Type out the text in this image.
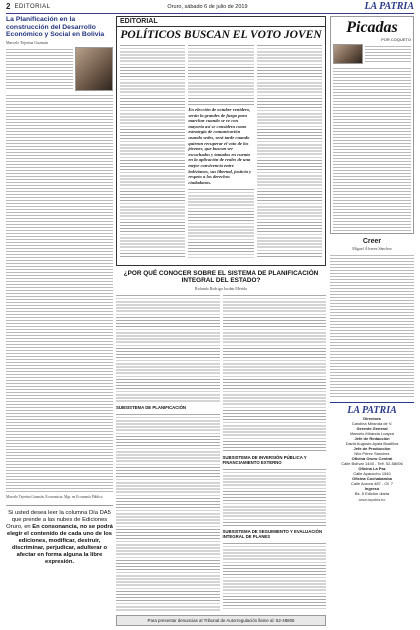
2 EDITORIAL	Oruro, sábado 6 de julio de 2019	LA PATRIA
La Planificación en la construcción del Desarrollo Económico y Social en Bolivia
Marcelo Tejerina Guzmán
Marcelo Tejerina Guzmán, Economista. Mgr. en Economía Pública
Si usted desea leer la columna Día DA5 que prende a las nubes de Ediciones Oruro, en En consonancia, no se podrá elegir el contenido de cada uno de los ediciones, modificar, destruir, discriminar, perjudicar, adulterar o afectar en forma alguna la libre expresión.
EDITORIAL
POLÍTICOS BUSCAN EL VOTO JOVEN
En elección de octubre venidero, serán la grandes de fuego para marchar cuando se ve con mayoría así se considera como estrategia de comunicación usando sedes, será tarde cuando quieran recuperar el voto de los jóvenes, que buscan ser escuchados y tomados en cuenta en la aplicación de reales de una mejor convivencia entre bolivianos, sus libertad, justicia y respeto a los derechos ciudadanos.
¿POR QUÉ CONOCER SOBRE EL SISTEMA DE PLANIFICACIÓN INTEGRAL DEL ESTADO?
Rolando Rodrigo Jordan Mérida
SUBSISTEMA DE PLANIFICACIÓN
SUBSISTEMA DE INVERSIÓN PÚBLICA Y FINANCIAMIENTO EXTERNO
SUBSISTEMA DE SEGUIMIENTO Y EVALUACIÓN INTEGRAL DE PLANES
Para presentar denuncias al Tribunal de Autorregulación llame al: 52-48806
Picadas
POR COQUETO
Creer
Miguel Álvarez Sánchez
LA PATRIA
Directora
Carolina Miranda de V.
Gerente General
Marcelo Miranda Loayza
Jefe de Redacción
David Augusto Ayala Bustillos
Jefe de Producción
Nilo Pérez Sánchez
Oficina Oruro Central
Calle Bolívar 1440 - Telf. 52-58006
Oficina La Paz
Calle Ayacucho 1540
Oficina Cochabamba
Calle Aurora 487 - Of. 7
Ingreso
Bs. 5 Edición diaria
www.lapatria.bo
